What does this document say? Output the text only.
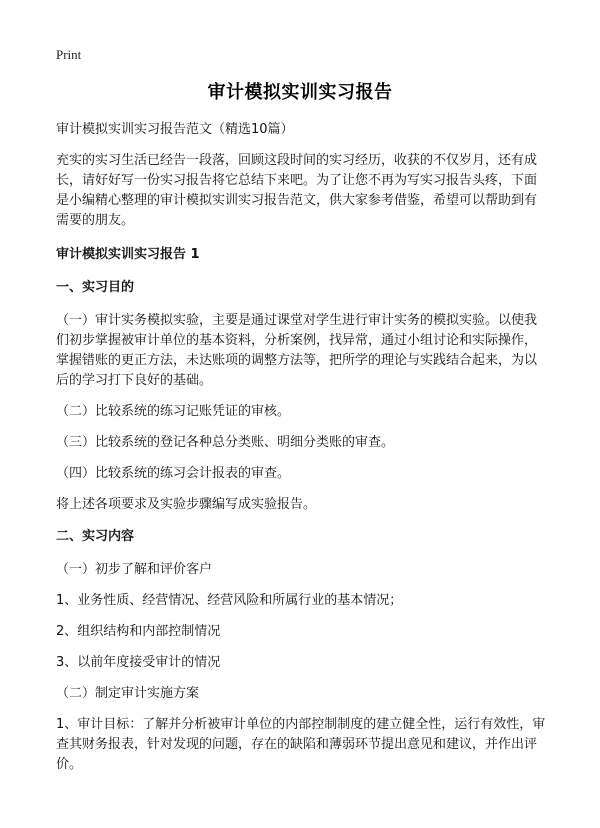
Print
审计模拟实训实习报告

审计模拟实训实习报告范文（精选10篇）

充实的实习生活已经告一段落，回顾这段时间的实习经历，收获的不仅岁月，还有成长，请好好写一份实习报告将它总结下来吧。为了让您不再为写实习报告头疼，下面是小编精心整理的审计模拟实训实习报告范文，供大家参考借鉴，希望可以帮助到有需要的朋友。

审计模拟实训实习报告 1

一、实习目的

（一）审计实务模拟实验，主要是通过课堂对学生进行审计实务的模拟实验。以使我们初步掌握被审计单位的基本资料，分析案例，找异常，通过小组讨论和实际操作，掌握错账的更正方法，未达账项的调整方法等，把所学的理论与实践结合起来，为以后的学习打下良好的基础。

（二）比较系统的练习记账凭证的审核。

（三）比较系统的登记各种总分类账、明细分类账的审查。

（四）比较系统的练习会计报表的审查。

将上述各项要求及实验步骤编写成实验报告。

二、实习内容

（一）初步了解和评价客户

1、业务性质、经营情况、经营风险和所属行业的基本情况；

2、组织结构和内部控制情况

3、以前年度接受审计的情况

（二）制定审计实施方案

1、审计目标：了解并分析被审计单位的内部控制制度的建立健全性，运行有效性，审查其财务报表，针对发现的问题，存在的缺陷和薄弱环节提出意见和建议，并作出评价。
